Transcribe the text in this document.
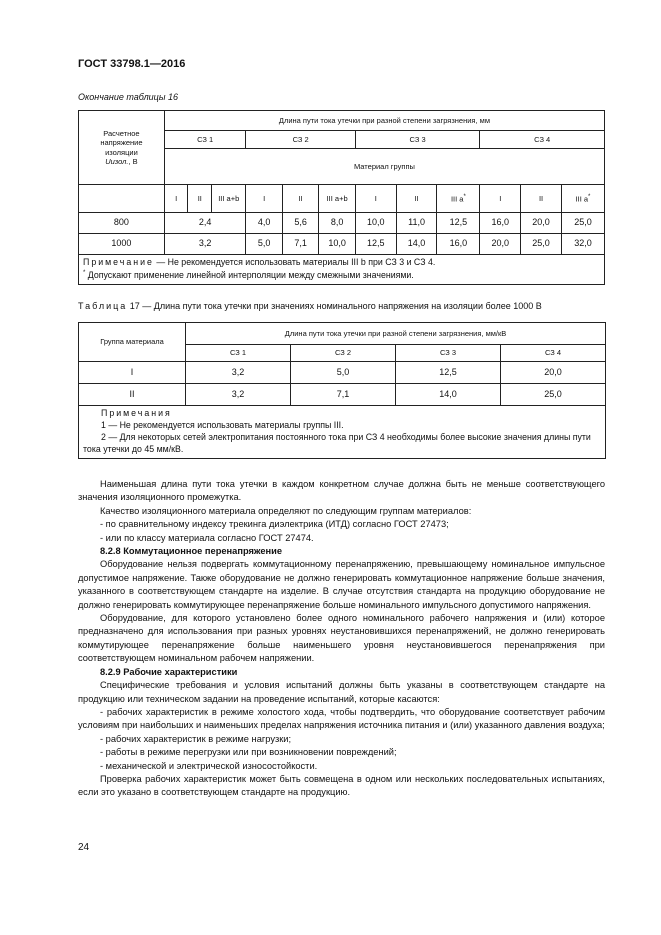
ГОСТ 33798.1—2016
Окончание таблицы 16
Расчетное
напряжение
изоляции
Uизол., В	Длина пути тока утечки при разной степени загрязнения, мм											
	СЗ 1			СЗ 2			СЗ 3			СЗ 4		
	Материал группы											
	I	II	III a+b	I	II	III a+b	I	II	III a*	I	II	III a*
800	2,4			4,0	5,6	8,0	10,0	11,0	12,5	16,0	20,0	25,0
1000	3,2			5,0	7,1	10,0	12,5	14,0	16,0	20,0	25,0	32,0
Примечание — Не рекомендуется использовать материалы III b при СЗ 3 и СЗ 4.
* Допускают применение линейной интерполяции между смежными значениями.												
Таблица 17 — Длина пути тока утечки при значениях номинального напряжения на изоляции более 1000 В
Группа материала	Длина пути тока утечки при разной степени загрязнения, мм/кВ			
	СЗ 1	СЗ 2	СЗ 3	СЗ 4
I	3,2	5,0	12,5	20,0
II	3,2	7,1	14,0	25,0

Примечания
1 — Не рекомендуется использовать материалы группы III.
2 — Для некоторых сетей электропитания постоянного тока при СЗ 4 необходимы более высокие значения длины пути тока утечки до 45 мм/кВ.				

Наименьшая длина пути тока утечки в каждом конкретном случае должна быть не меньше соответствующего значения изоляционного промежутка.

Качество изоляционного материала определяют по следующим группам материалов:

- по сравнительному индексу трекинга диэлектрика (ИТД) согласно ГОСТ 27473;

- или по классу материала согласно ГОСТ 27474.

8.2.8 Коммутационное перенапряжение

Оборудование нельзя подвергать коммутационному перенапряжению, превышающему номинальное импульсное допустимое напряжение. Также оборудование не должно генерировать коммутационное напряжение больше значения, указанного в соответствующем стандарте на изделие. В случае отсутствия стандарта на продукцию оборудование не должно генерировать коммутирующее перенапряжение больше номинального импульсного допустимого напряжения.

Оборудование, для которого установлено более одного номинального рабочего напряжения и (или) которое предназначено для использования при разных уровнях неустановившихся перенапряжений, не должно генерировать коммутирующее перенапряжение больше наименьшего уровня неустановившегося перенапряжения при соответствующем номинальном рабочем напряжении.

8.2.9 Рабочие характеристики

Специфические требования и условия испытаний должны быть указаны в соответствующем стандарте на продукцию или техническом задании на проведение испытаний, которые касаются:

- рабочих характеристик в режиме холостого хода, чтобы подтвердить, что оборудование соответствует рабочим условиям при наибольших и наименьших пределах напряжения источника питания и (или) указанного давления воздуха;

- рабочих характеристик в режиме нагрузки;

- работы в режиме перегрузки или при возникновении повреждений;

- механической и электрической износостойкости.

Проверка рабочих характеристик может быть совмещена в одном или нескольких последовательных испытаниях, если это указано в соответствующем стандарте на продукцию.

24
